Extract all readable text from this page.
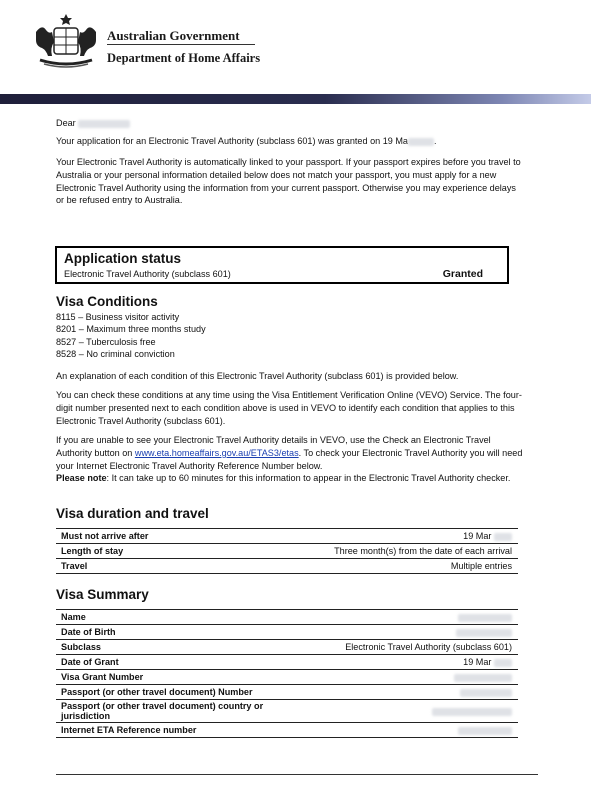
Australian Government
Department of Home Affairs

Dear

Your application for an Electronic Travel Authority (subclass 601) was granted on 19 Ma	.

Your Electronic Travel Authority is automatically linked to your passport. If your passport expires before you travel to Australia or your personal information detailed below does not match your passport, you must apply for a new Electronic Travel Authority using the information from your current passport. Otherwise you may experience delays or be refused entry to Australia.

Application status
Electronic Travel Authority (subclass 601)	Granted
Visa Conditions
8115 – Business visitor activity
8201 – Maximum three months study
8527 – Tuberculosis free
8528 – No criminal conviction

An explanation of each condition of this Electronic Travel Authority (subclass 601) is provided below.

You can check these conditions at any time using the Visa Entitlement Verification Online (VEVO) Service. The four-digit number presented next to each condition above is used in VEVO to identify each condition that applies to this Electronic Travel Authority (subclass 601).

If you are unable to see your Electronic Travel Authority details in VEVO, use the Check an Electronic Travel Authority button on www.eta.homeaffairs.gov.au/ETAS3/etas. To check your Electronic Travel Authority you will need your Internet Electronic Travel Authority Reference Number below.
Please note: It can take up to 60 minutes for this information to appear in the Electronic Travel Authority checker.

Visa duration and travel
Must not arrive after	19 Mar
Length of stay	Three month(s) from the date of each arrival
Travel	Multiple entries
Visa Summary
Name	
Date of Birth	
Subclass	Electronic Travel Authority (subclass 601)
Date of Grant	19 Mar
Visa Grant Number	
Passport (or other travel document) Number	
Passport (or other travel document) country or jurisdiction	
Internet ETA Reference number	
